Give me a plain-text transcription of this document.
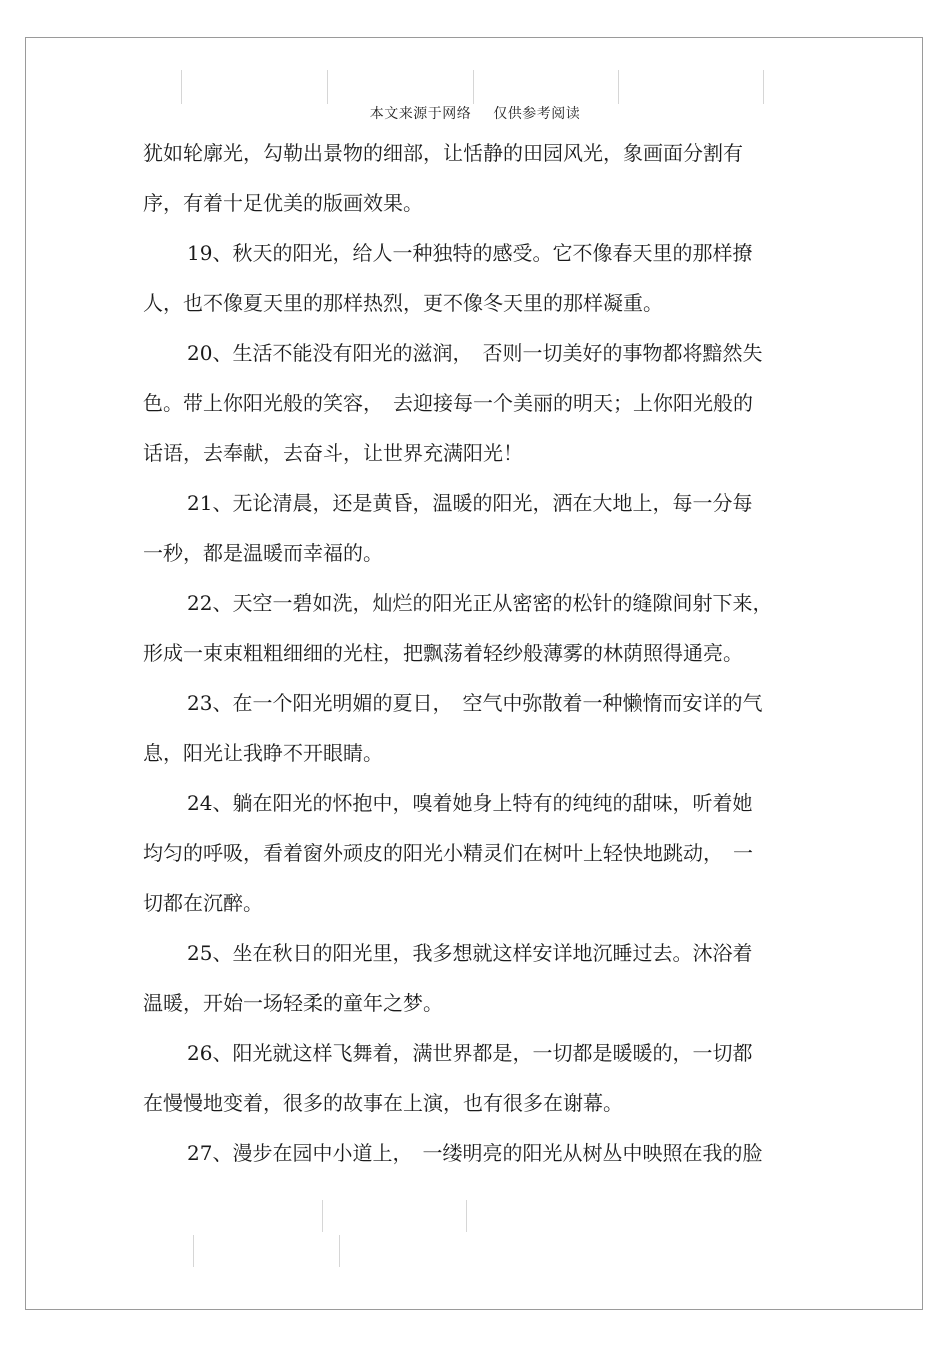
本文来源于网络 仅供参考阅读
犹如轮廓光，勾勒出景物的细部，让恬静的田园风光，象画面分割有
序，有着十足优美的版画效果。
19、秋天的阳光，给人一种独特的感受。它不像春天里的那样撩
人，也不像夏天里的那样热烈，更不像冬天里的那样凝重。
20、生活不能没有阳光的滋润，　否则一切美好的事物都将黯然失
色。带上你阳光般的笑容，　去迎接每一个美丽的明天；上你阳光般的
话语，去奉献，去奋斗，让世界充满阳光！
21、无论清晨，还是黄昏，温暖的阳光，洒在大地上，每一分每
一秒，都是温暖而幸福的。
22、天空一碧如洗，灿烂的阳光正从密密的松针的缝隙间射下来，
形成一束束粗粗细细的光柱，把飘荡着轻纱般薄雾的林荫照得通亮。
23、在一个阳光明媚的夏日，　空气中弥散着一种懒惰而安详的气
息，阳光让我睁不开眼睛。
24、躺在阳光的怀抱中，嗅着她身上特有的纯纯的甜味，听着她
均匀的呼吸，看着窗外顽皮的阳光小精灵们在树叶上轻快地跳动，　一
切都在沉醉。
25、坐在秋日的阳光里，我多想就这样安详地沉睡过去。沐浴着
温暖，开始一场轻柔的童年之梦。
26、阳光就这样飞舞着，满世界都是，一切都是暖暖的，一切都
在慢慢地变着，很多的故事在上演，也有很多在谢幕。
27、漫步在园中小道上，　一缕明亮的阳光从树丛中映照在我的脸
